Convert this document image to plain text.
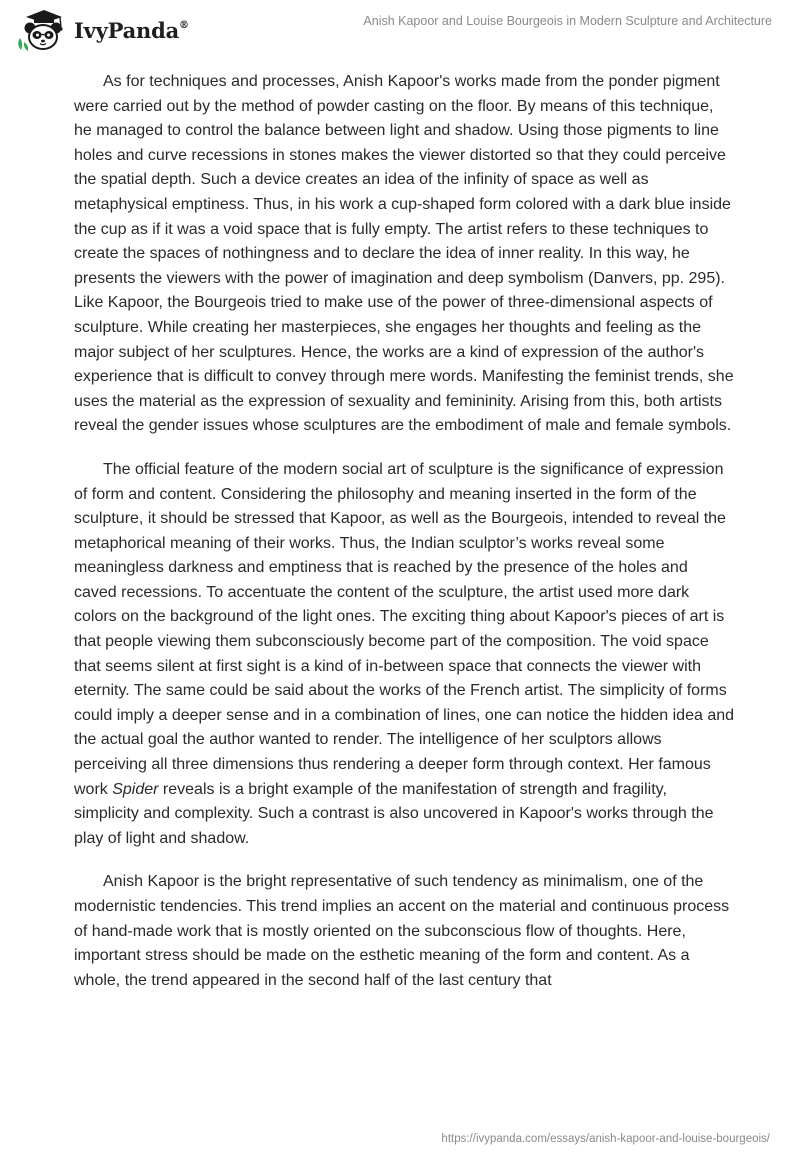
IvyPanda®	Anish Kapoor and Louise Bourgeois in Modern Sculpture and Architecture

As for techniques and processes, Anish Kapoor's works made from the ponder pigment were carried out by the method of powder casting on the floor. By means of this technique, he managed to control the balance between light and shadow. Using those pigments to line holes and curve recessions in stones makes the viewer distorted so that they could perceive the spatial depth. Such a device creates an idea of the infinity of space as well as metaphysical emptiness. Thus, in his work a cup-shaped form colored with a dark blue inside the cup as if it was a void space that is fully empty. The artist refers to these techniques to create the spaces of nothingness and to declare the idea of inner reality. In this way, he presents the viewers with the power of imagination and deep symbolism (Danvers, pp. 295). Like Kapoor, the Bourgeois tried to make use of the power of three-dimensional aspects of sculpture. While creating her masterpieces, she engages her thoughts and feeling as the major subject of her sculptures. Hence, the works are a kind of expression of the author's experience that is difficult to convey through mere words. Manifesting the feminist trends, she uses the material as the expression of sexuality and femininity. Arising from this, both artists reveal the gender issues whose sculptures are the embodiment of male and female symbols.

The official feature of the modern social art of sculpture is the significance of expression of form and content. Considering the philosophy and meaning inserted in the form of the sculpture, it should be stressed that Kapoor, as well as the Bourgeois, intended to reveal the metaphorical meaning of their works. Thus, the Indian sculptor’s works reveal some meaningless darkness and emptiness that is reached by the presence of the holes and caved recessions. To accentuate the content of the sculpture, the artist used more dark colors on the background of the light ones. The exciting thing about Kapoor's pieces of art is that people viewing them subconsciously become part of the composition. The void space that seems silent at first sight is a kind of in-between space that connects the viewer with eternity. The same could be said about the works of the French artist. The simplicity of forms could imply a deeper sense and in a combination of lines, one can notice the hidden idea and the actual goal the author wanted to render. The intelligence of her sculptors allows perceiving all three dimensions thus rendering a deeper form through context. Her famous work Spider reveals is a bright example of the manifestation of strength and fragility, simplicity and complexity. Such a contrast is also uncovered in Kapoor's works through the play of light and shadow.

Anish Kapoor is the bright representative of such tendency as minimalism, one of the modernistic tendencies. This trend implies an accent on the material and continuous process of hand-made work that is mostly oriented on the subconscious flow of thoughts. Here, important stress should be made on the esthetic meaning of the form and content. As a whole, the trend appeared in the second half of the last century that

https://ivypanda.com/essays/anish-kapoor-and-louise-bourgeois/
